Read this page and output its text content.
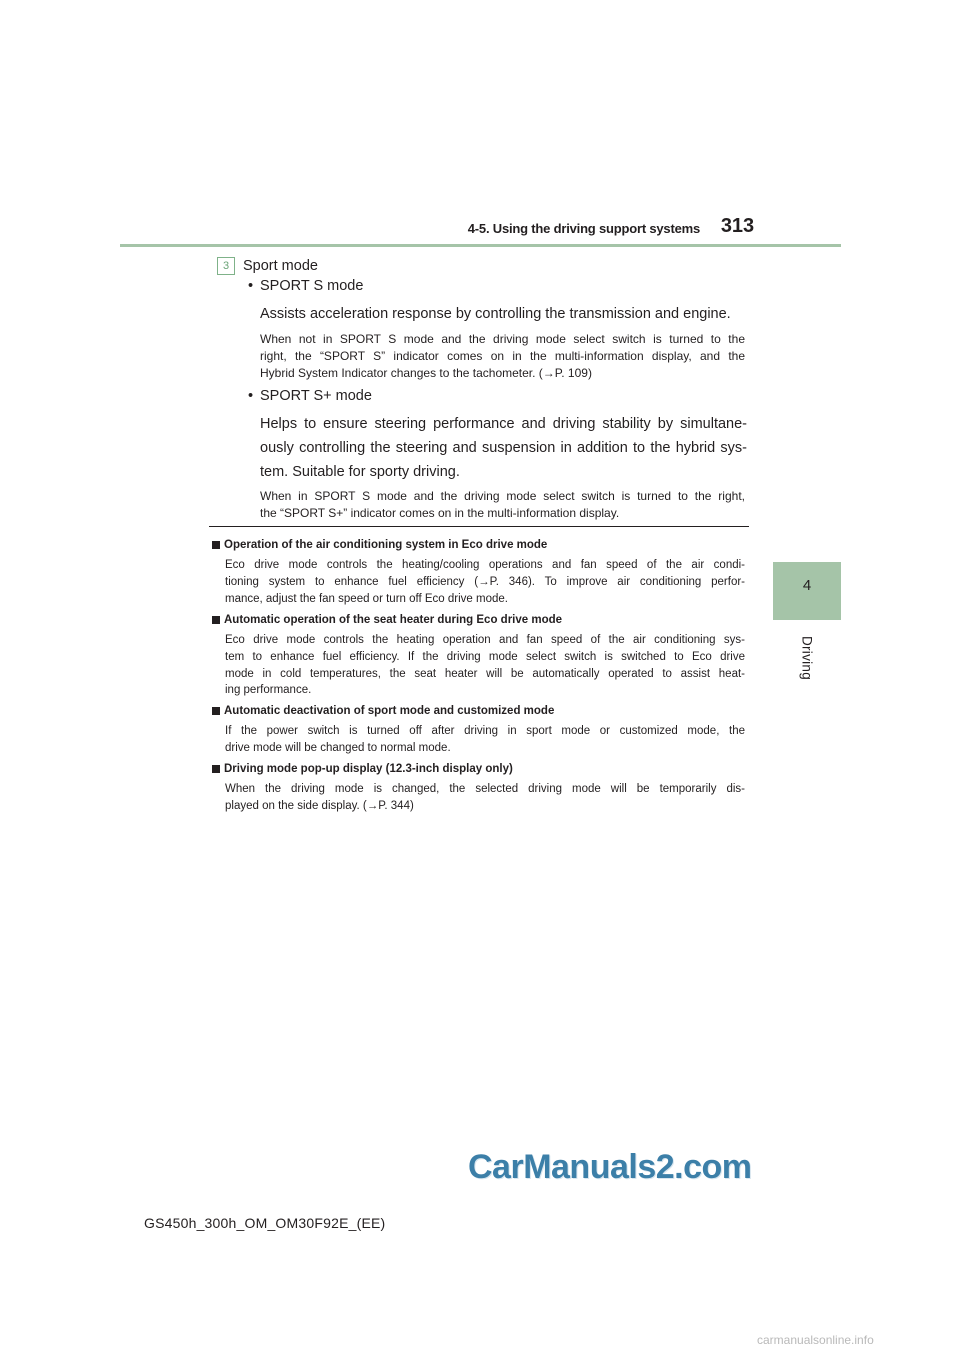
4-5. Using the driving support systems	313
4
Driving
3 Sport mode
• SPORT S mode
Assists acceleration response by controlling the transmission and engine.
When not in SPORT S mode and the driving mode select switch is turned to the
right, the “SPORT S” indicator comes on in the multi-information display, and the
Hybrid System Indicator changes to the tachometer. (→P. 109)
• SPORT S+ mode
Helps to ensure steering performance and driving stability by simultane-
ously controlling the steering and suspension in addition to the hybrid sys-
tem. Suitable for sporty driving.
When in SPORT S mode and the driving mode select switch is turned to the right,
the “SPORT S+” indicator comes on in the multi-information display.
Operation of the air conditioning system in Eco drive mode
Eco drive mode controls the heating/cooling operations and fan speed of the air condi-
tioning system to enhance fuel efficiency (→P. 346). To improve air conditioning perfor-
mance, adjust the fan speed or turn off Eco drive mode.
Automatic operation of the seat heater during Eco drive mode
Eco drive mode controls the heating operation and fan speed of the air conditioning sys-
tem to enhance fuel efficiency. If the driving mode select switch is switched to Eco drive
mode in cold temperatures, the seat heater will be automatically operated to assist heat-
ing performance.
Automatic deactivation of sport mode and customized mode
If the power switch is turned off after driving in sport mode or customized mode, the
drive mode will be changed to normal mode.
Driving mode pop-up display (12.3-inch display only)
When the driving mode is changed, the selected driving mode will be temporarily dis-
played on the side display. (→P. 344)
CarManuals2.com
GS450h_300h_OM_OM30F92E_(EE)
carmanualsonline.info
